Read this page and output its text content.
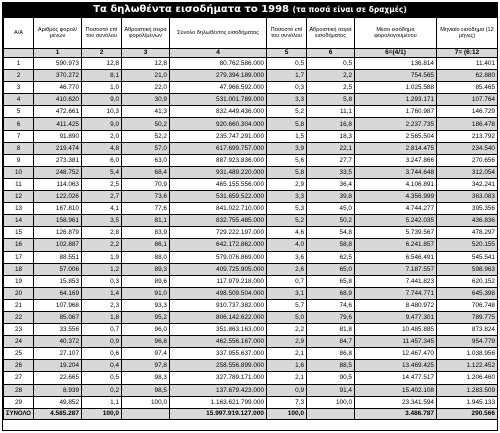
Τα δηλωθέντα εισοδήματα το 1998 (τα ποσά είναι σε δραχμές)
Α/Α	Αριθμός φορολ/μένων	Ποσοστό επί του συνόλου	Αθροιστική σειρά φορολ/μένων	Σύνολο δηλωθέντος εισοδήματος	Ποσοστό επί του συνόλου	Αθροιστική σειρά εισοδήματος	Μέσο εισόδημα φορολογουμένου	Μηνιαίο εισόδημα (12 μήνες)
	1	2	3	4	5	6	6=(4/1)	7= (6:12
1	590.973	12,8	12,8	80.762.586.000	0,5	0,5	136.814	11.401
2	370.272	8,1	21,0	279.394.189.000	1,7	2,2	754.565	62.880
3	46.770	1,0	22,0	47.966.592.000	0,3	2,5	1.025.588	85.465
4	410.620	9,0	30,9	531.001.789.000	3,3	5,8	1.293.171	107.764
5	472.661	10,3	41,3	832.449.436.000	5,2	11,1	1.760.987	146.729
6	411.425	9,0	50,2	920.660.304.000	5,8	16,8	2.237.735	186.478
7	91.890	2,0	52,2	235.747.291.000	1,5	18,3	2.565.504	213.792
8	219.474	4,8	57,0	617.699.757.000	3,9	22,1	2.814.475	234.540
9	273.381	6,0	63,0	887.923.836.000	5,6	27,7	3.247.866	270.656
10	248.752	5,4	68,4	931.489.220.000	5,8	33,5	3.744.648	312.054
11	114.063	2,5	70,9	465.155.556.000	2,9	36,4	4.106.891	342.241
12	122.026	2,7	73,6	531.659.522.000	3,3	39,8	4.356.999	363.083
13	167.810	4,1	77,6	841.022.710.000	5,3	45,0	4.744.277	395.356
14	158.961	3,5	81,1	832.755.485.000	5,2	50,2	5.242.035	436.836
15	126.879	2,8	83,9	729.222.197.000	4,6	54,8	5.739.567	478.297
16	102.887	2,2	86,1	642.172.862.000	4,0	58,8	6.241.857	520.155
17	88.551	1,9	88,0	579.076.869.000	3,6	62,5	6.546.491	545.541
18	57.006	1,2	89,3	409.725.905.000	2,6	65,0	7.187.557	598.963
19	15.853	0,3	89,6	117.979.218.000	0,7	65,8	7.441.823	620.152
20	64.169	1,4	91,0	498.509.504.000	3,1	68,9	7.744.771	645.398
21	107.968	2,3	93,3	910.737.382.000	5,7	74,6	8.480.972	706.748
22	85.067	1,8	95,2	806.142.622.000	5,0	79,6	9.477.301	789.775
23	33.556	0,7	96,0	351.863.163.000	2,2	81,8	10.485.885	873.824
24	40.372	0,9	96,8	462.556.167.000	2,9	84,7	11.457.345	954.779
25	27.107	0,6	97,4	337.955.637.000	2,1	86,8	12.467.470	1.038.956
26	19.204	0,4	97,8	258.556.899.000	1,6	88,5	13.469.425	1.122.452
27	22.665	0,5	98,3	327.789.171.000	2,1	90,5	14.477.517	1.206.460
28	8.939	0,2	98,5	137.679.423.000	0,9	91,4	15.402.108	1.283.509
29	49.852	1,1	100,0	1.163.621.799.000	7,3	100,0	23.341.594	1.945.133
ΣΥΝΟΛΟ	4.585.287	100,0		15.997.919.127.000	100,0		3.486.787	290.566
